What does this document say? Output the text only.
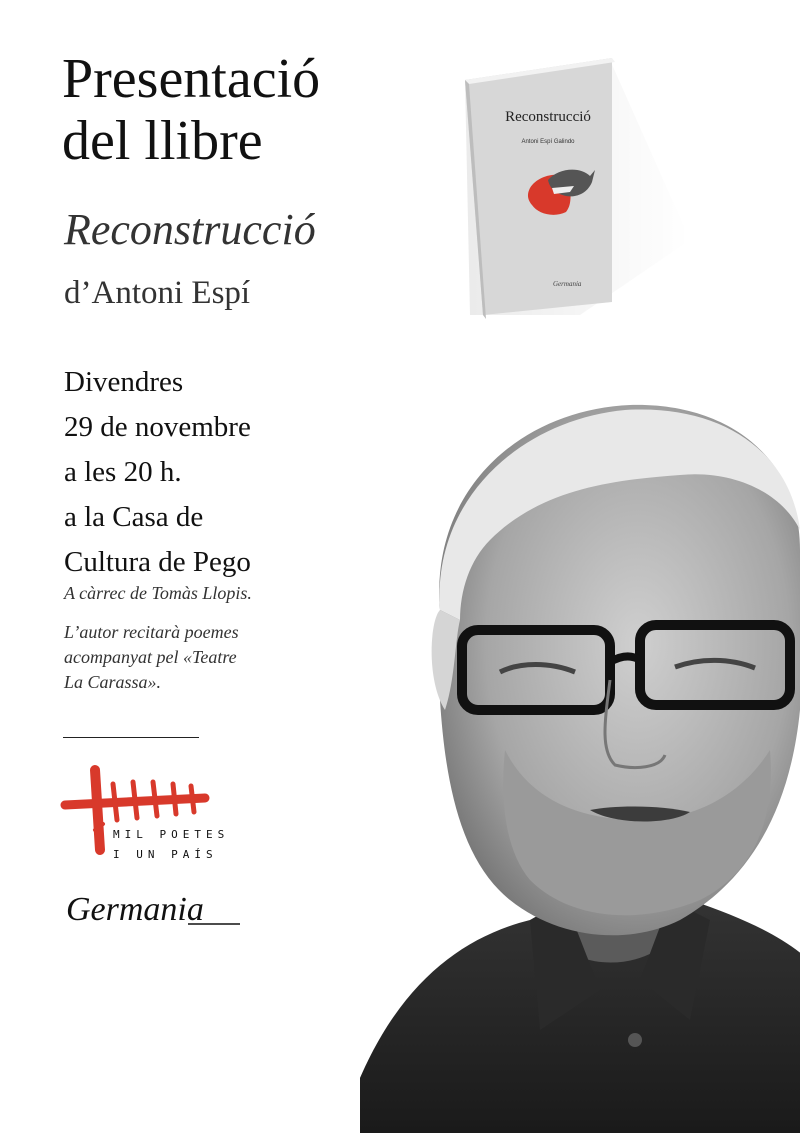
Presentació
del llibre

Reconstrucció

d’Antoni Espí

Divendres
29 de novembre
a les 20 h.
a la Casa de
Cultura de Pego

A càrrec de Tomàs Llopis.

L’autor recitarà poemes
acompanyat pel «Teatre
La Carassa».
Reconstrucció
Antoni Espí Galindo
Germania
MIL POETES
I UN PAÍS
Germania
